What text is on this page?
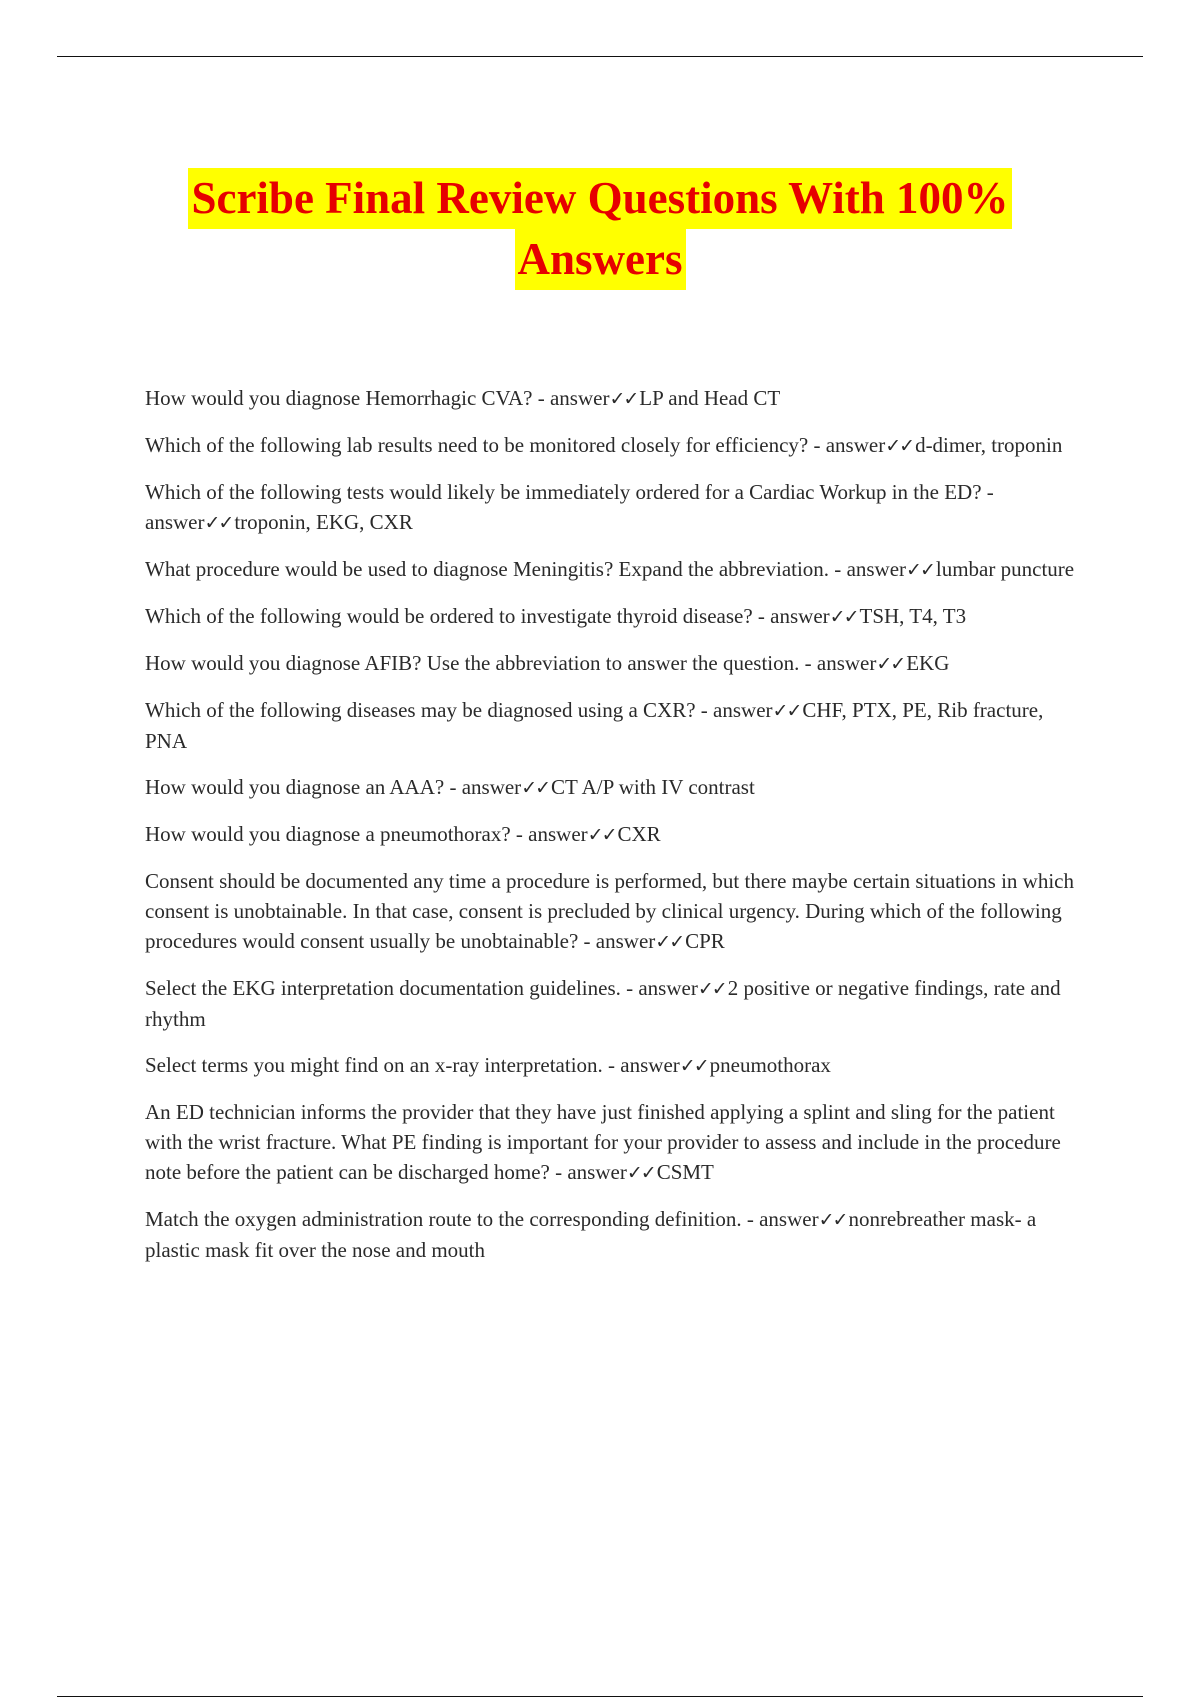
Scribe Final Review Questions With 100%
Answers
How would you diagnose Hemorrhagic CVA? - answer✓✓LP and Head CT
Which of the following lab results need to be monitored closely for efficiency? - answer✓✓d-dimer, troponin
Which of the following tests would likely be immediately ordered for a Cardiac Workup in the ED? - answer✓✓troponin, EKG, CXR
What procedure would be used to diagnose Meningitis? Expand the abbreviation. - answer✓✓lumbar puncture
Which of the following would be ordered to investigate thyroid disease? - answer✓✓TSH, T4, T3
How would you diagnose AFIB? Use the abbreviation to answer the question. - answer✓✓EKG
Which of the following diseases may be diagnosed using a CXR? - answer✓✓CHF, PTX, PE, Rib fracture, PNA
How would you diagnose an AAA? - answer✓✓CT A/P with IV contrast
How would you diagnose a pneumothorax? - answer✓✓CXR
Consent should be documented any time a procedure is performed, but there maybe certain situations in which consent is unobtainable. In that case, consent is precluded by clinical urgency. During which of the following procedures would consent usually be unobtainable? - answer✓✓CPR
Select the EKG interpretation documentation guidelines. - answer✓✓2 positive or negative findings, rate and rhythm
Select terms you might find on an x-ray interpretation. - answer✓✓pneumothorax
An ED technician informs the provider that they have just finished applying a splint and sling for the patient with the wrist fracture. What PE finding is important for your provider to assess and include in the procedure note before the patient can be discharged home? - answer✓✓CSMT
Match the oxygen administration route to the corresponding definition. - answer✓✓nonrebreather mask- a plastic mask fit over the nose and mouth
